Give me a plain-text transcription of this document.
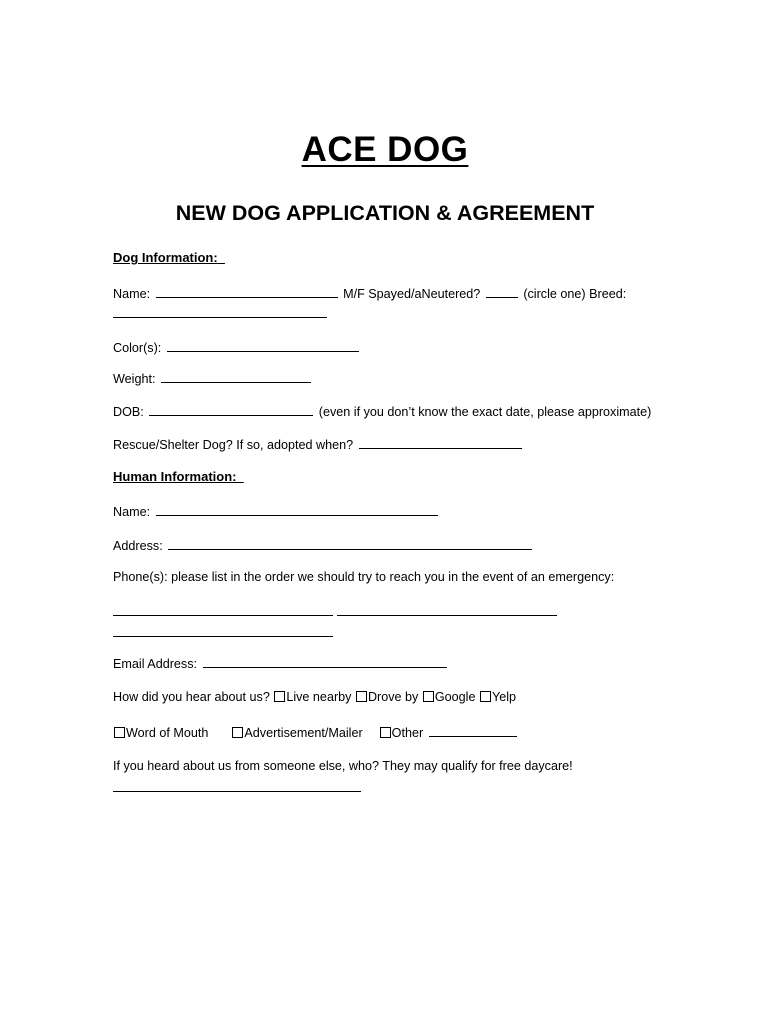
ACE DOG
NEW DOG APPLICATION & AGREEMENT
Dog Information:
Name:	M/F Spayed/aNeutered?	(circle one) Breed:
Color(s):
Weight:
DOB:	(even if you don’t know the exact date, please approximate)
Rescue/Shelter Dog? If so, adopted when?
Human Information:
Name:
Address:
Phone(s): please list in the order we should try to reach you in the event of an emergency:
Email Address:
How did you hear about us? Live nearby Drove by Google Yelp
Word of Mouth	Advertisement/Mailer Other
If you heard about us from someone else, who? They may qualify for free daycare!
